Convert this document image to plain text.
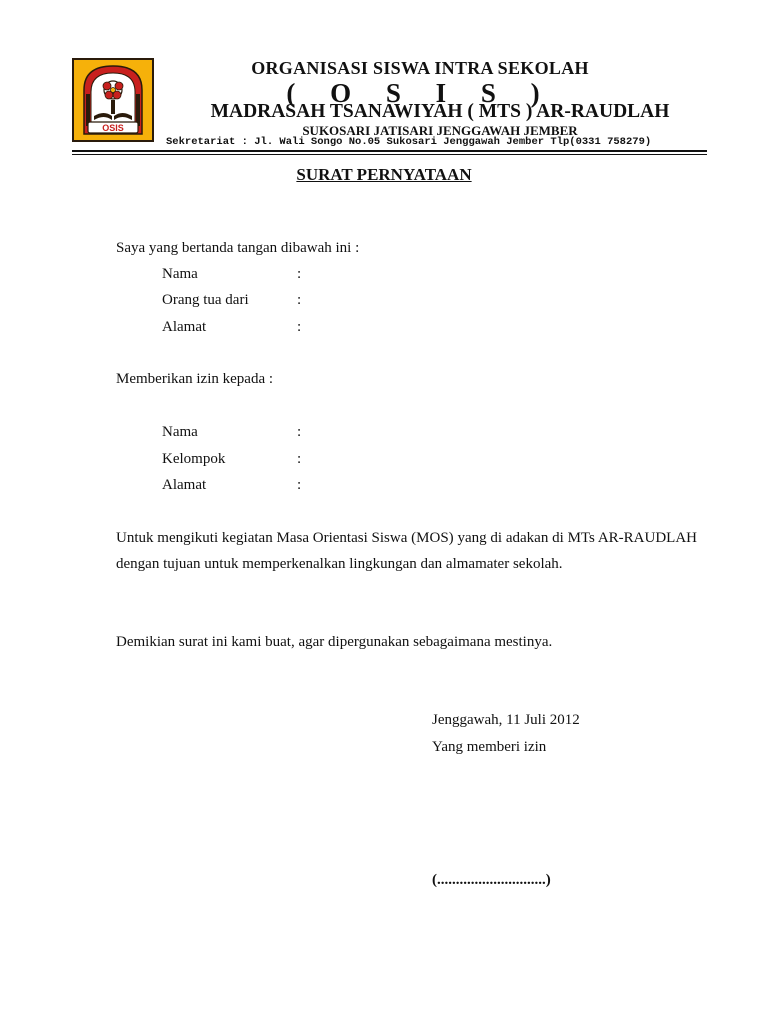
OSIS
ORGANISASI SISWA INTRA SEKOLAH
( O S I S )
MADRASAH TSANAWIYAH ( MTS ) AR-RAUDLAH
SUKOSARI JATISARI JENGGAWAH JEMBER
Sekretariat : Jl. Wali Songo No.05 Sukosari Jenggawah Jember Tlp(0331 758279)
SURAT PERNYATAAN
Saya yang bertanda tangan dibawah ini :
Nama	:
Orang tua dari	:
Alamat	:
Memberikan izin kepada :
Nama	:
Kelompok	:
Alamat	:
Untuk mengikuti kegiatan Masa Orientasi Siswa (MOS) yang di adakan di MTs AR-RAUDLAH dengan tujuan untuk memperkenalkan lingkungan dan almamater sekolah.
Demikian surat ini kami buat, agar dipergunakan sebagaimana mestinya.
Jenggawah, 11 Juli 2012
Yang memberi izin
(.............................)
